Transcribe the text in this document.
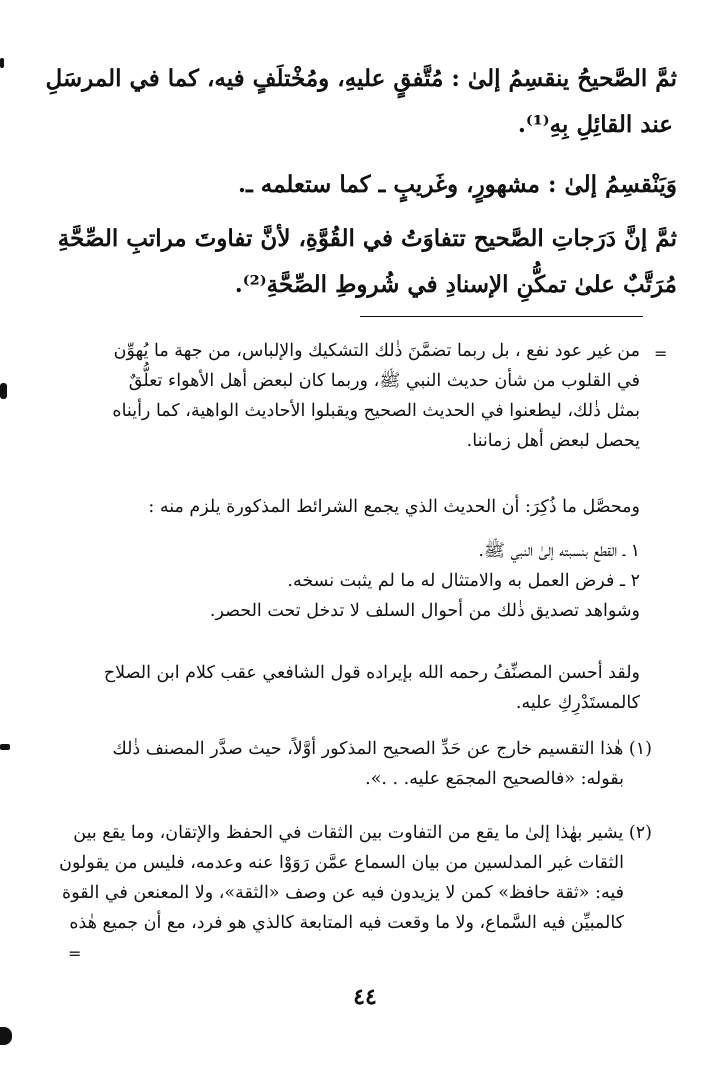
ثمَّ الصَّحيحُ ينقسِمُ إلىٰ : مُتَّفقٍ عليهِ، ومُخْتلَفٍ فيه، كما في المرسَلِ
عند القائِلِ بِهِ⁽¹⁾.
وَيَنْقسِمُ إلىٰ : مشهورٍ، وغَريبٍ ـ كما ستعلمه ـ.
ثمَّ إنَّ دَرَجاتِ الصَّحيح تتفاوَتُ في القُوَّةِ، لأنَّ تفاوتَ مراتبِ الصِّحَّةِ
مُرَتَّبٌ علىٰ تمكُّنِ الإسنادِ في شُروطِ الصِّحَّةِ⁽²⁾.
=
من غير عود نفع ، بل ربما تضمَّنَ ذٰلك التشكيك والإلباس، من جهة ما يُهوِّن
في القلوب من شأن حديث النبي ﷺ، وربما كان لبعض أهل الأهواء تعلُّقٌ
بمثل ذٰلك، ليطعنوا في الحديث الصحيح ويقبلوا الأحاديث الواهية، كما رأيناه
يحصل لبعض أهل زماننا.
ومحصَّل ما ذُكِرَ: أن الحديث الذي يجمع الشرائط المذكورة يلزم منه :
١ ـ القطع بنسبته إلىٰ النبي ﷺ.
٢ ـ فرض العمل به والامتثال له ما لم يثبت نسخه.
وشواهد تصديق ذٰلك من أحوال السلف لا تدخل تحت الحصر.
ولقد أحسن المصنِّفُ رحمه الله بإيراده قول الشافعي عقب كلام ابن الصلاح
كالمستَدْرِكِ عليه.
(١) هٰذا التقسيم خارج عن حَدِّ الصحيح المذكور أوَّلاً، حيث صدَّر المصنف ذٰلك
بقوله: «فالصحيح المجمَع عليه. . .».
(٢) يشير بهٰذا إلىٰ ما يقع من التفاوت بين الثقات في الحفظ والإتقان، وما يقع بين
الثقات غير المدلسين من بيان السماع عمَّن رَوَوْا عنه وعدمه، فليس من يقولون
فيه: «ثقة حافظ» كمن لا يزيدون فيه عن وصف «الثقة»، ولا المعنعن في القوة
كالمبيِّن فيه السَّماع، ولا ما وقعت فيه المتابعة كالذي هو فرد، مع أن جميع هٰذه
=
٤٤
